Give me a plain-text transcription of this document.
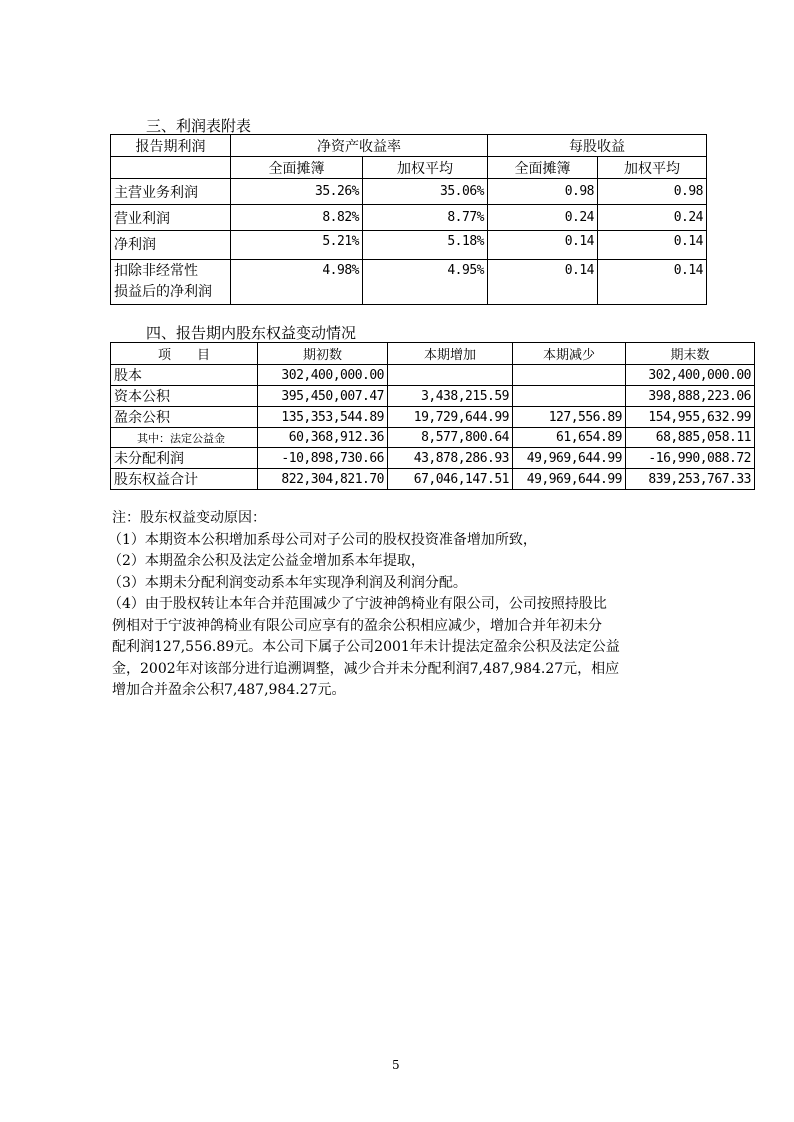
三、利润表附表
报告期利润	净资产收益率		每股收益	
	全面摊簿	加权平均	全面摊簿	加权平均
主营业务利润	35.26%	35.06%	0.98	0.98
营业利润	8.82%	8.77%	0.24	0.24
净利润	5.21%	5.18%	0.14	0.14

扣除非经常性
损益后的净利润	4.98%	4.95%	0.14	0.14
四、报告期内股东权益变动情况
项　　目	期初数	本期增加	本期减少	期末数
股本	302,400,000.00			302,400,000.00
资本公积	395,450,007.47	3,438,215.59		398,888,223.06
盈余公积	135,353,544.89	19,729,644.99	127,556.89	154,955,632.99
其中：法定公益金	60,368,912.36	8,577,800.64	61,654.89	68,885,058.11
未分配利润	-10,898,730.66	43,878,286.93	49,969,644.99	-16,990,088.72
股东权益合计	822,304,821.70	67,046,147.51	49,969,644.99	839,253,767.33
注：股东权益变动原因：
（1）本期资本公积增加系母公司对子公司的股权投资准备增加所致，
（2）本期盈余公积及法定公益金增加系本年提取，
（3）本期未分配利润变动系本年实现净利润及利润分配。
（4）由于股权转让本年合并范围减少了宁波神鸽椅业有限公司，公司按照持股比
例相对于宁波神鸽椅业有限公司应享有的盈余公积相应减少，增加合并年初未分
配利润127,556.89元。本公司下属子公司2001年未计提法定盈余公积及法定公益
金，2002年对该部分进行追溯调整，减少合并未分配利润7,487,984.27元，相应
增加合并盈余公积7,487,984.27元。
5
